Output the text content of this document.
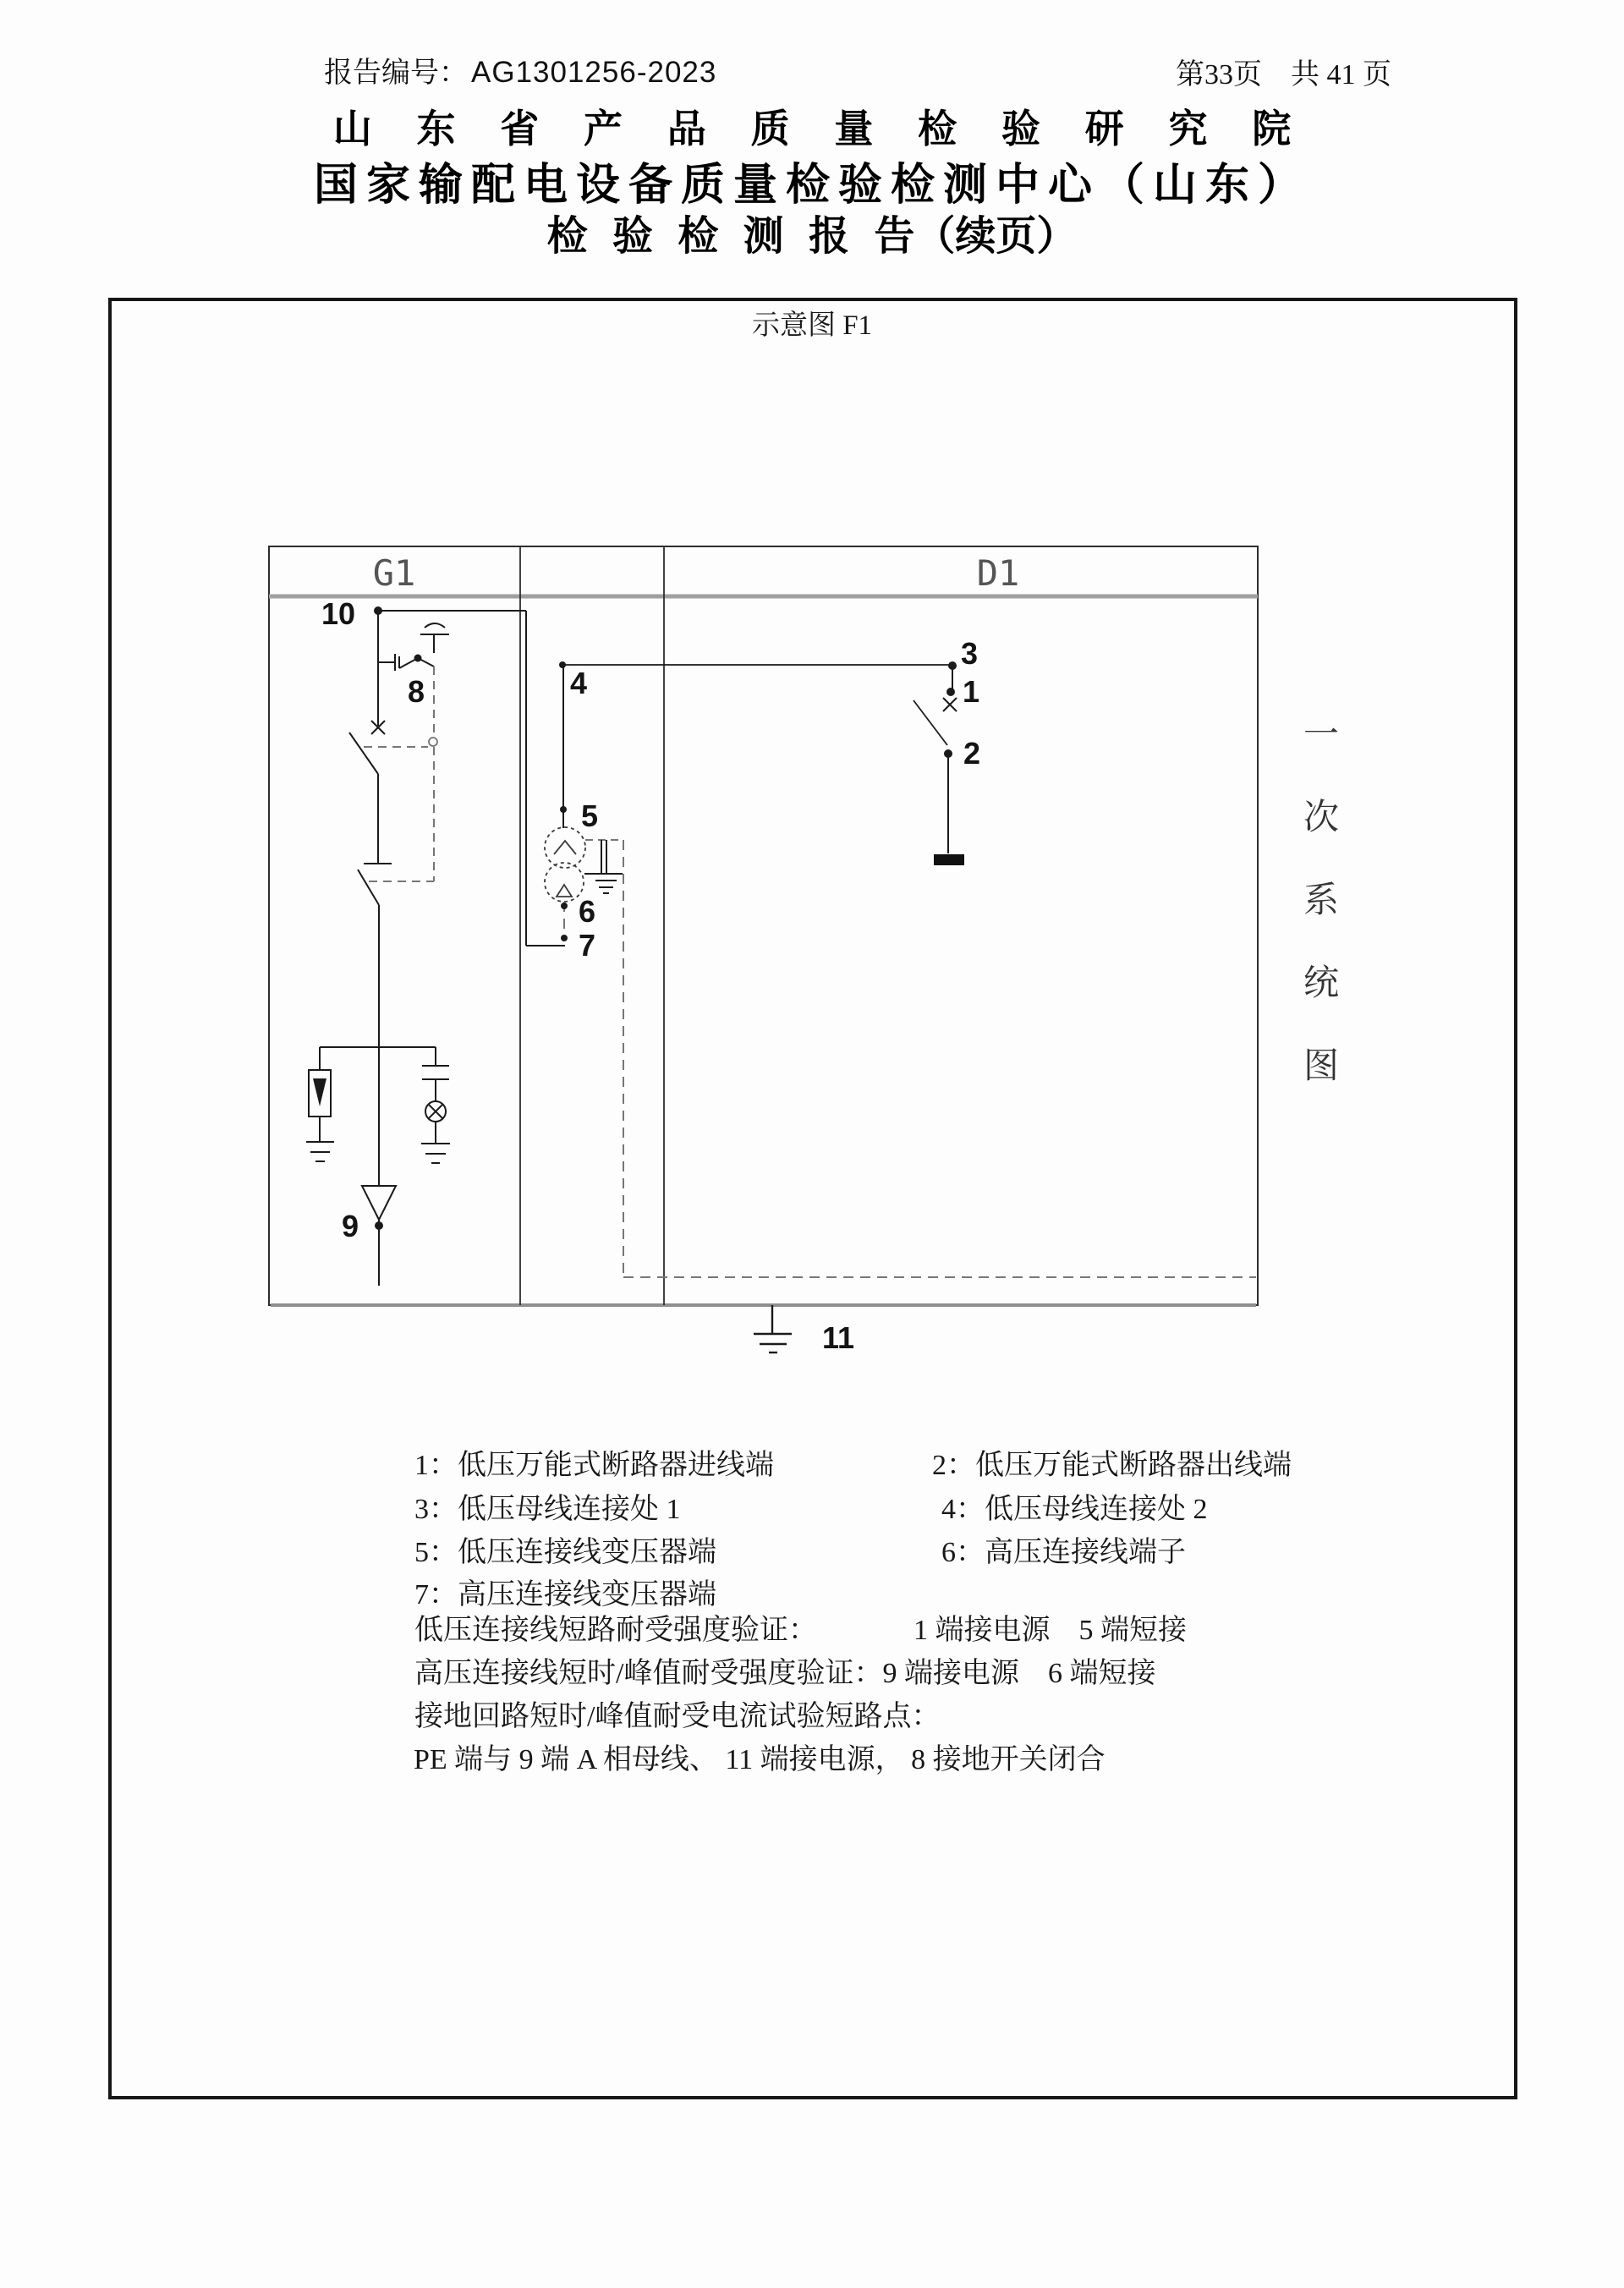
报告编号： AG1301256-2023	第33页　共 41 页
山 东 省 产 品 质 量 检 验 研 究 院
国家输配电设备质量检验检测中心（山东）
检 验 检 测 报 告（续页）
示意图 F1
G1	D1
10
8
9
4
5
6
7
3
1
2
11
一
次
系
统
图
1：低压万能式断路器进线端	2：低压万能式断路器出线端
3：低压母线连接处 1	4：低压母线连接处 2
5：低压连接线变压器端	6：高压连接线端子
7：高压连接线变压器端
低压连接线短路耐受强度验证：	1 端接电源　5 端短接
高压连接线短时/峰值耐受强度验证：9 端接电源　6 端短接
接地回路短时/峰值耐受电流试验短路点：
PE 端与 9 端 A 相母线、 11 端接电源， 8 接地开关闭合
